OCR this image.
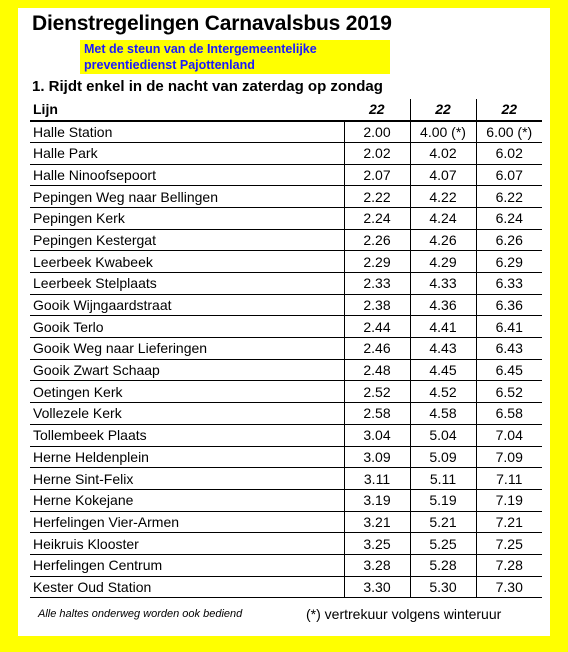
Dienstregelingen Carnavalsbus 2019
Met de steun van de Intergemeentelijke
preventiedienst Pajottenland
1. Rijdt enkel in de nacht van zaterdag op zondag
Lijn	22	22	22
Halle Station	2.00	4.00 (*)	6.00 (*)
Halle Park	2.02	4.02	6.02
Halle Ninoofsepoort	2.07	4.07	6.07
Pepingen Weg naar Bellingen	2.22	4.22	6.22
Pepingen Kerk	2.24	4.24	6.24
Pepingen Kestergat	2.26	4.26	6.26
Leerbeek Kwabeek	2.29	4.29	6.29
Leerbeek Stelplaats	2.33	4.33	6.33
Gooik Wijngaardstraat	2.38	4.36	6.36
Gooik Terlo	2.44	4.41	6.41
Gooik Weg naar Lieferingen	2.46	4.43	6.43
Gooik Zwart Schaap	2.48	4.45	6.45
Oetingen Kerk	2.52	4.52	6.52
Vollezele Kerk	2.58	4.58	6.58
Tollembeek Plaats	3.04	5.04	7.04
Herne Heldenplein	3.09	5.09	7.09
Herne Sint-Felix	3.11	5.11	7.11
Herne Kokejane	3.19	5.19	7.19
Herfelingen Vier-Armen	3.21	5.21	7.21
Heikruis Klooster	3.25	5.25	7.25
Herfelingen Centrum	3.28	5.28	7.28
Kester Oud Station	3.30	5.30	7.30
Alle haltes onderweg worden ook bediend	(*) vertrekuur volgens winteruur
